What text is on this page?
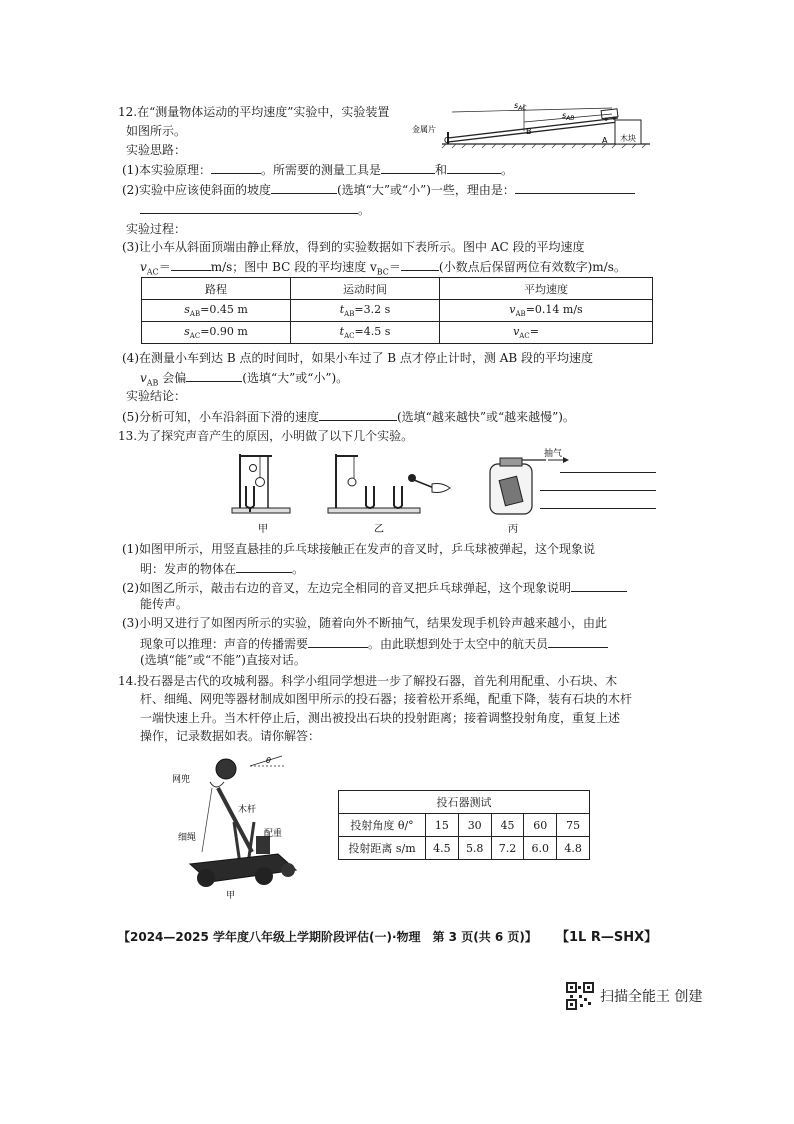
12.在“测量物体运动的平均速度”实验中，实验装置
如图所示。	金属片
$s_{AC}$
$s_{AB}$
B
A
C	木块
实验思路：
(1)本实验原理：	。所需要的测量工具是	和	。
(2)实验中应该使斜面的坡度	(选填“大”或“小”)一些，理由是：
。
实验过程：
(3)让小车从斜面顶端由静止释放，得到的实验数据如下表所示。图中 AC 段的平均速度
$v_{AC}=$	m/s；图中 BC 段的平均速度 $v_{BC}=$	(小数点后保留两位有效数字)m/s。
路程	运动时间	平均速度
$s_{AB}=0.45$ m	$t_{AB}=3.2$ s	$v_{AB}=0.14$ m/s
$s_{AC}=0.90$ m	$t_{AC}=4.5$ s	$v_{AC}=$
(4)在测量小车到达 B 点的时间时，如果小车过了 B 点才停止计时，测 AB 段的平均速度
$v_{AB}$ 会偏	(选填“大”或“小”)。
实验结论：
(5)分析可知，小车沿斜面下滑的速度	(选填“越来越快”或“越来越慢”)。
13.为了探究声音产生的原因，小明做了以下几个实验。
抽气
甲	乙	丙
(1)如图甲所示，用竖直悬挂的乒乓球接触正在发声的音叉时，乒乓球被弹起，这个现象说
明：发声的物体在	。
(2)如图乙所示，敲击右边的音叉，左边完全相同的音叉把乒乓球弹起，这个现象说明
能传声。
(3)小明又进行了如图丙所示的实验，随着向外不断抽气，结果发现手机铃声越来越小，由此
现象可以推理：声音的传播需要	。由此联想到处于太空中的航天员
(选填“能”或“不能”)直接对话。
14.投石器是古代的攻城利器。科学小组同学想进一步了解投石器，首先利用配重、小石块、木
杆、细绳、网兜等器材制成如图甲所示的投石器；接着松开系绳，配重下降，装有石块的木杆
一端快速上升。当木杆停止后，测出被投出石块的投射距离；接着调整投射角度，重复上述
操作，记录数据如表。请你解答：
θ
网兜
细绳
木杆
配重
甲
投石器测试					
投射角度 θ/°	15	30	45	60	75
投射距离 s/m	4.5	5.8	7.2	6.0	4.8
【2024—2025 学年度八年级上学期阶段评估(一)·物理　第 3 页(共 6 页)】 【1L R—SHX】
扫描全能王 创建
